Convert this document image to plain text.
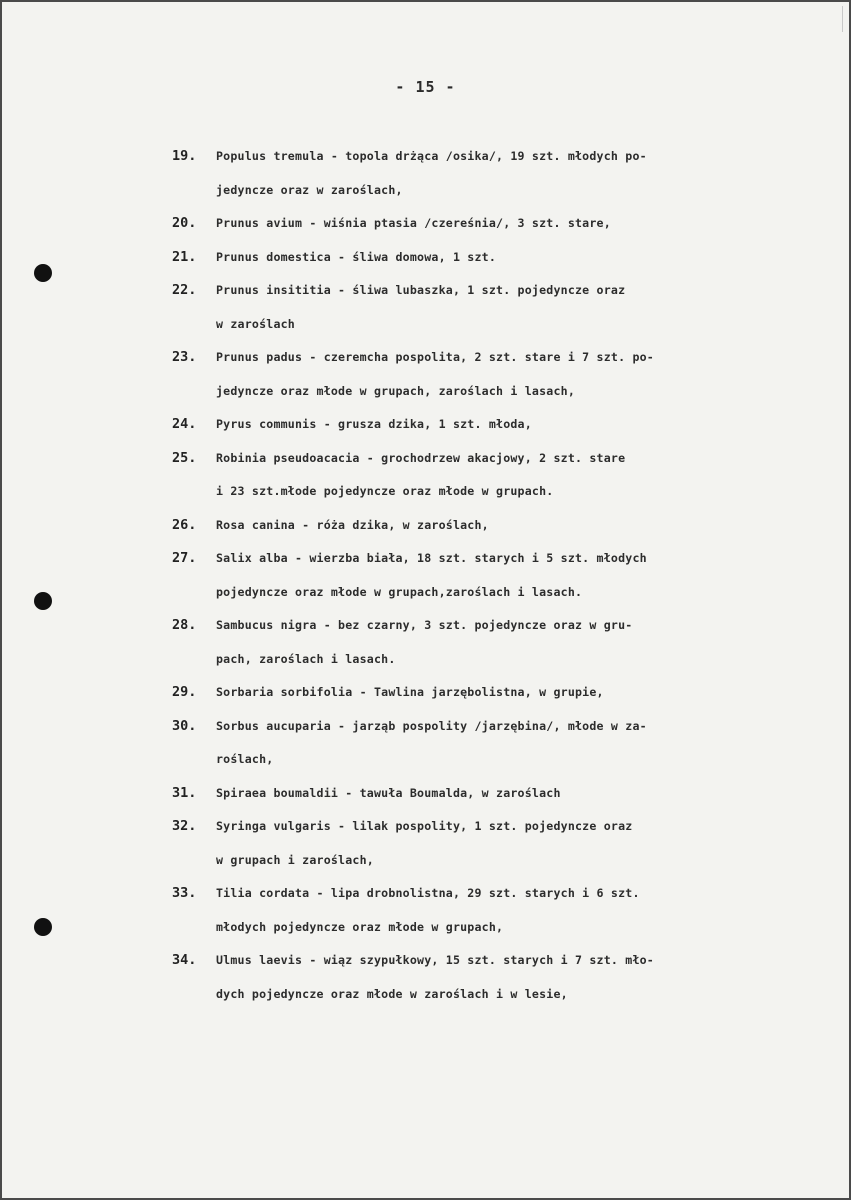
- 15 -
19.	Populus tremula - topola drżąca /osika/, 19 szt. młodych po-
jedyncze oraz w zaroślach,
20.	Prunus avium - wiśnia ptasia /czereśnia/, 3 szt. stare,
21.	Prunus domestica - śliwa domowa, 1 szt.
22.	Prunus insititia - śliwa lubaszka, 1 szt. pojedyncze oraz
w zaroślach
23.	Prunus padus - czeremcha pospolita, 2 szt. stare i 7 szt. po-
jedyncze oraz młode w grupach, zaroślach i lasach,
24.	Pyrus communis - grusza dzika, 1 szt. młoda,
25.	Robinia pseudoacacia - grochodrzew akacjowy, 2 szt. stare
i 23 szt.młode pojedyncze oraz młode w grupach.
26.	Rosa canina - róża dzika, w zaroślach,
27.	Salix alba - wierzba biała, 18 szt. starych i 5 szt. młodych
pojedyncze oraz młode w grupach,zaroślach i lasach.
28.	Sambucus nigra - bez czarny, 3 szt. pojedyncze oraz w gru-
pach, zaroślach i lasach.
29.	Sorbaria sorbifolia - Tawlina jarzębolistna, w grupie,
30.	Sorbus aucuparia - jarząb pospolity /jarzębina/, młode w za-
roślach,
31.	Spiraea boumaldii - tawuła Boumalda, w zaroślach
32.	Syringa vulgaris - lilak pospolity, 1 szt. pojedyncze oraz
w grupach i zaroślach,
33.	Tilia cordata - lipa drobnolistna, 29 szt. starych i 6 szt.
młodych pojedyncze oraz młode w grupach,
34.	Ulmus laevis - wiąz szypułkowy, 15 szt. starych i 7 szt. mło-
dych pojedyncze oraz młode w zaroślach i w lesie,
